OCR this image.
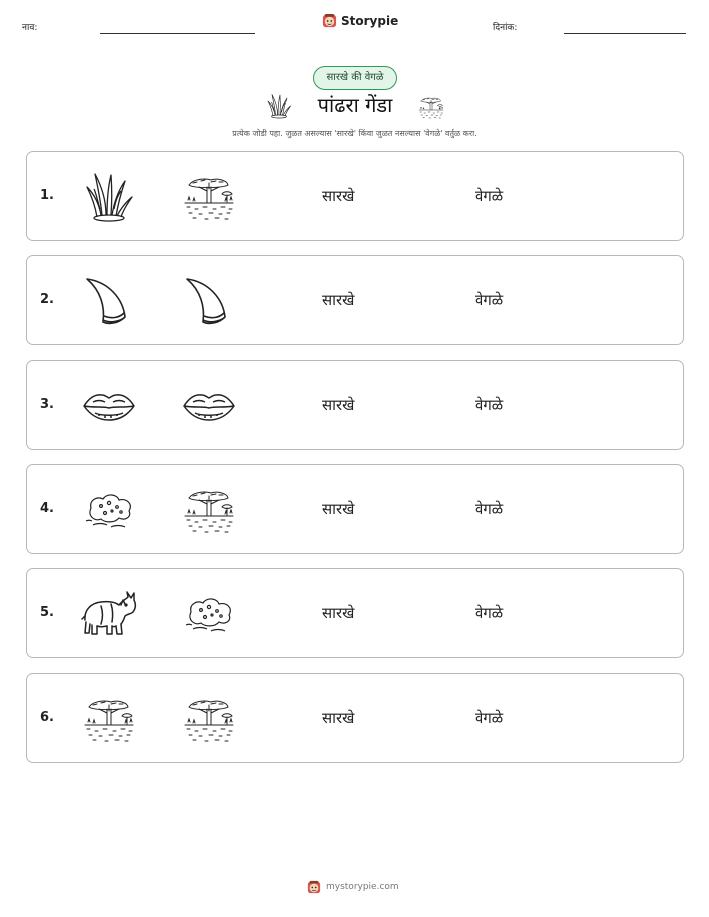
नाव:
Storypie
दिनांक:
सारखे की वेगळे
पांढरा गेंडा
प्रत्येक जोडी पहा. जुळत असल्यास 'सारखे' किंवा जुळत नसल्यास 'वेगळे' वर्तुळ करा.
1.	सारखे	वेगळे
2.	सारखे	वेगळे
3.	सारखे	वेगळे
4.	सारखे	वेगळे
5.	सारखे	वेगळे
6.	सारखे	वेगळे
mystorypie.com
